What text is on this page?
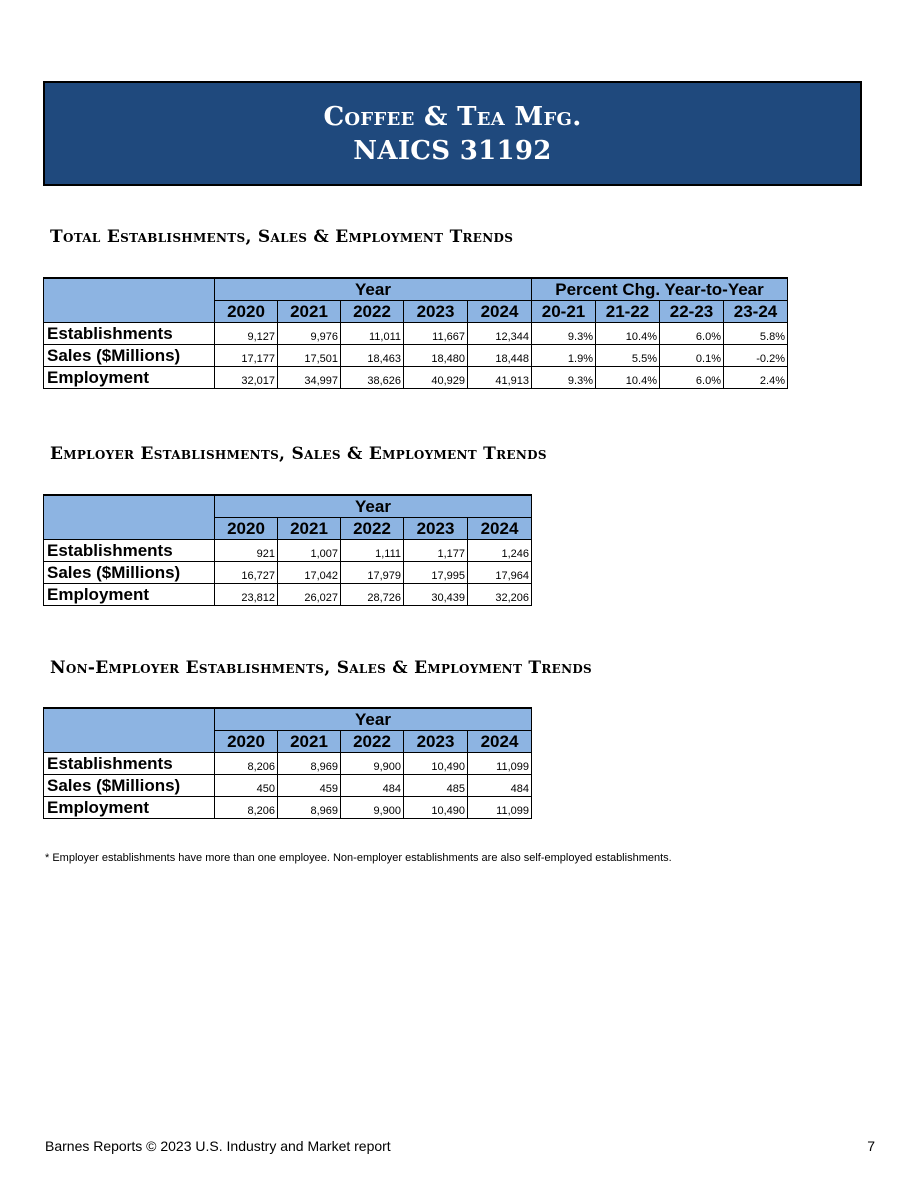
Coffee & Tea Mfg.
NAICS 31192
Total Establishments, Sales & Employment Trends
	Year					Percent Chg. Year-to-Year			
	2020	2021	2022	2023	2024	20-21	21-22	22-23	23-24
Establishments	9,127	9,976	11,011	11,667	12,344	9.3%	10.4%	6.0%	5.8%
Sales ($Millions)	17,177	17,501	18,463	18,480	18,448	1.9%	5.5%	0.1%	-0.2%
Employment	32,017	34,997	38,626	40,929	41,913	9.3%	10.4%	6.0%	2.4%
Employer Establishments, Sales & Employment Trends
	Year				
	2020	2021	2022	2023	2024
Establishments	921	1,007	1,111	1,177	1,246
Sales ($Millions)	16,727	17,042	17,979	17,995	17,964
Employment	23,812	26,027	28,726	30,439	32,206
Non-Employer Establishments, Sales & Employment Trends
	Year				
	2020	2021	2022	2023	2024
Establishments	8,206	8,969	9,900	10,490	11,099
Sales ($Millions)	450	459	484	485	484
Employment	8,206	8,969	9,900	10,490	11,099
* Employer establishments have more than one employee. Non-employer establishments are also self-employed establishments.
Barnes Reports © 2023 U.S. Industry and Market report	7
